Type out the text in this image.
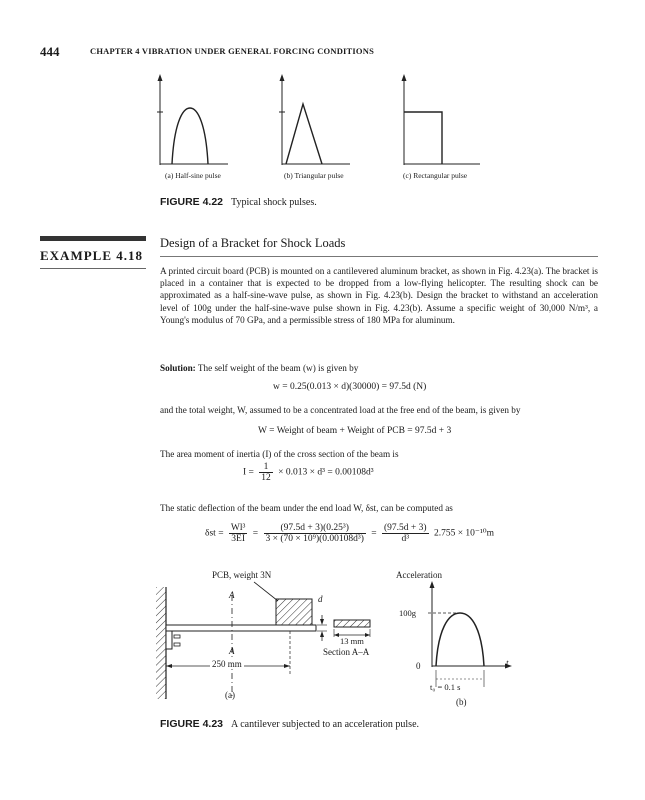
444	CHAPTER 4 VIBRATION UNDER GENERAL FORCING CONDITIONS
(a) Half-sine pulse	(b) Triangular pulse	(c) Rectangular pulse
FIGURE 4.22 Typical shock pulses.
EXAMPLE 4.18
Design of a Bracket for Shock Loads
A printed circuit board (PCB) is mounted on a cantilevered aluminum bracket, as shown in Fig. 4.23(a). The bracket is placed in a container that is expected to be dropped from a low-flying helicopter. The resulting shock can be approximated as a half-sine-wave pulse, as shown in Fig. 4.23(b). Design the bracket to withstand an acceleration level of 100g under the half-sine-wave pulse shown in Fig. 4.23(b). Assume a specific weight of 30,000 N/m³, a Young's modulus of 70 GPa, and a permissible stress of 180 MPa for aluminum.
Solution: The self weight of the beam (w) is given by
w = 0.25(0.013 × d)(30000) = 97.5d (N)
and the total weight, W, assumed to be a concentrated load at the free end of the beam, is given by
W = Weight of beam + Weight of PCB = 97.5d + 3
The area moment of inertia (I) of the cross section of the beam is
$I = \frac{1}{12} \times 0.013 \times d^3 = 0.00108d^3$
The static deflection of the beam under the end load W, δst, can be computed as
$\delta st = \frac{\text{Wl³}}{3EI} = \frac{\text{(97.5d + 3)(0.25³)}}{\text{3 × (70 × 10⁹)(0.00108d³)}} = \frac{(97.5d + 3)}{\text{d³}} 2.755 \times 10^{-10}m$
PCB, weight 3N
A
A
d
250 mm
13 mm
Section A–A
(a)
Acceleration
100g
0	t
t₀ = 0.1 s
(b)
FIGURE 4.23 A cantilever subjected to an acceleration pulse.
